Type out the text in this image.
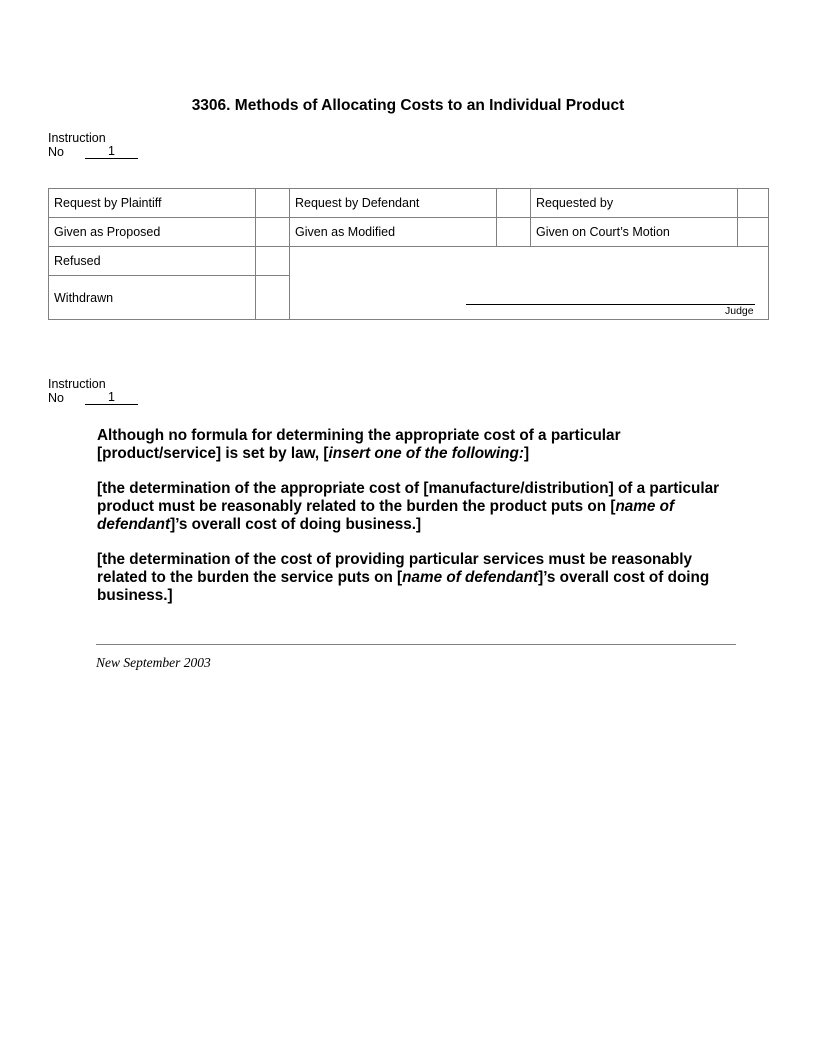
3306. Methods of Allocating Costs to an Individual Product
Instruction
No	1
Request by Plaintiff	Request by Defendant	Requested by
Given as Proposed	Given as Modified	Given on Court’s Motion
Refused
Withdrawn
Judge
Instruction
No	1

Although no formula for determining the appropriate cost of a particular [product/service] is set by law, [insert one of the following:]

[the determination of the appropriate cost of [manufacture/distribution] of a particular product must be reasonably related to the burden the product puts on [name of defendant]’s overall cost of doing business.]

[the determination of the cost of providing particular services must be reasonably related to the burden the service puts on [name of defendant]’s overall cost of doing business.]

New September 2003
